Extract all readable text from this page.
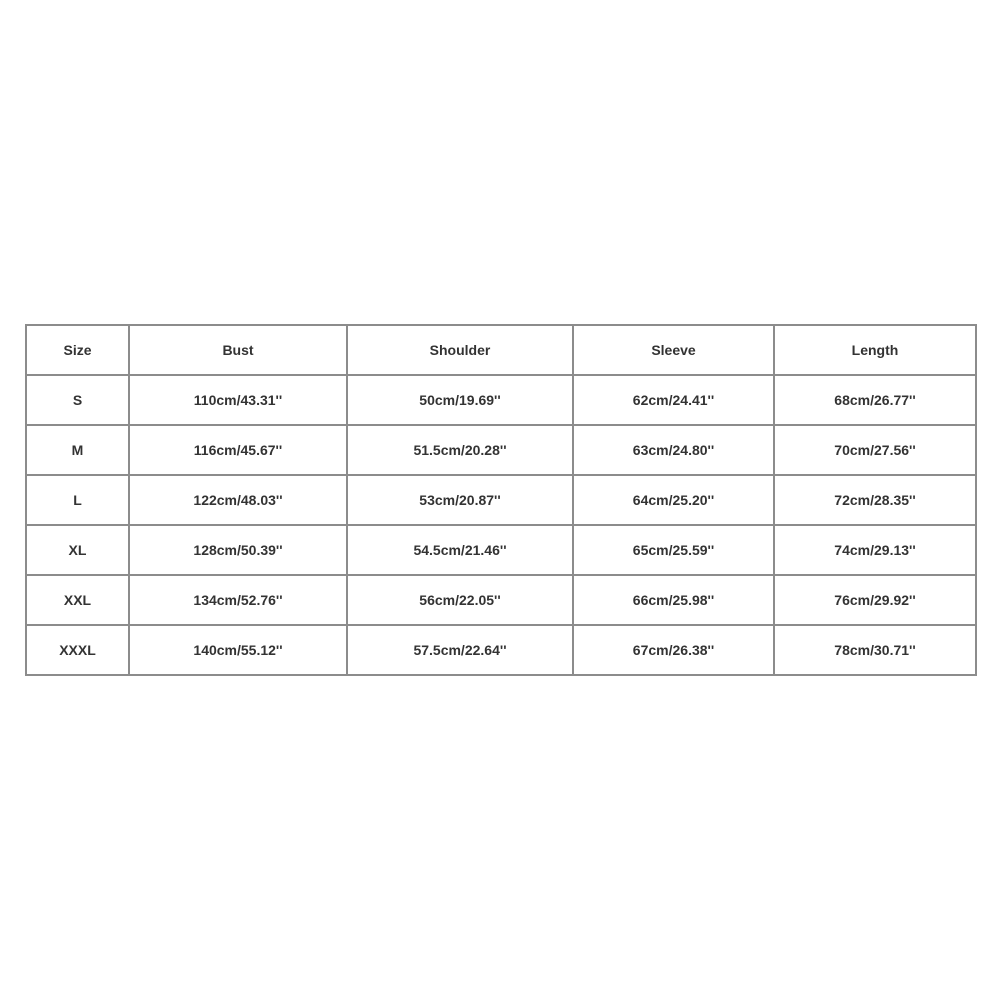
Size	Bust	Shoulder	Sleeve	Length
S	110cm/43.31''	50cm/19.69''	62cm/24.41''	68cm/26.77''
M	116cm/45.67''	51.5cm/20.28''	63cm/24.80''	70cm/27.56''
L	122cm/48.03''	53cm/20.87''	64cm/25.20''	72cm/28.35''
XL	128cm/50.39''	54.5cm/21.46''	65cm/25.59''	74cm/29.13''
XXL	134cm/52.76''	56cm/22.05''	66cm/25.98''	76cm/29.92''
XXXL	140cm/55.12''	57.5cm/22.64''	67cm/26.38''	78cm/30.71''
